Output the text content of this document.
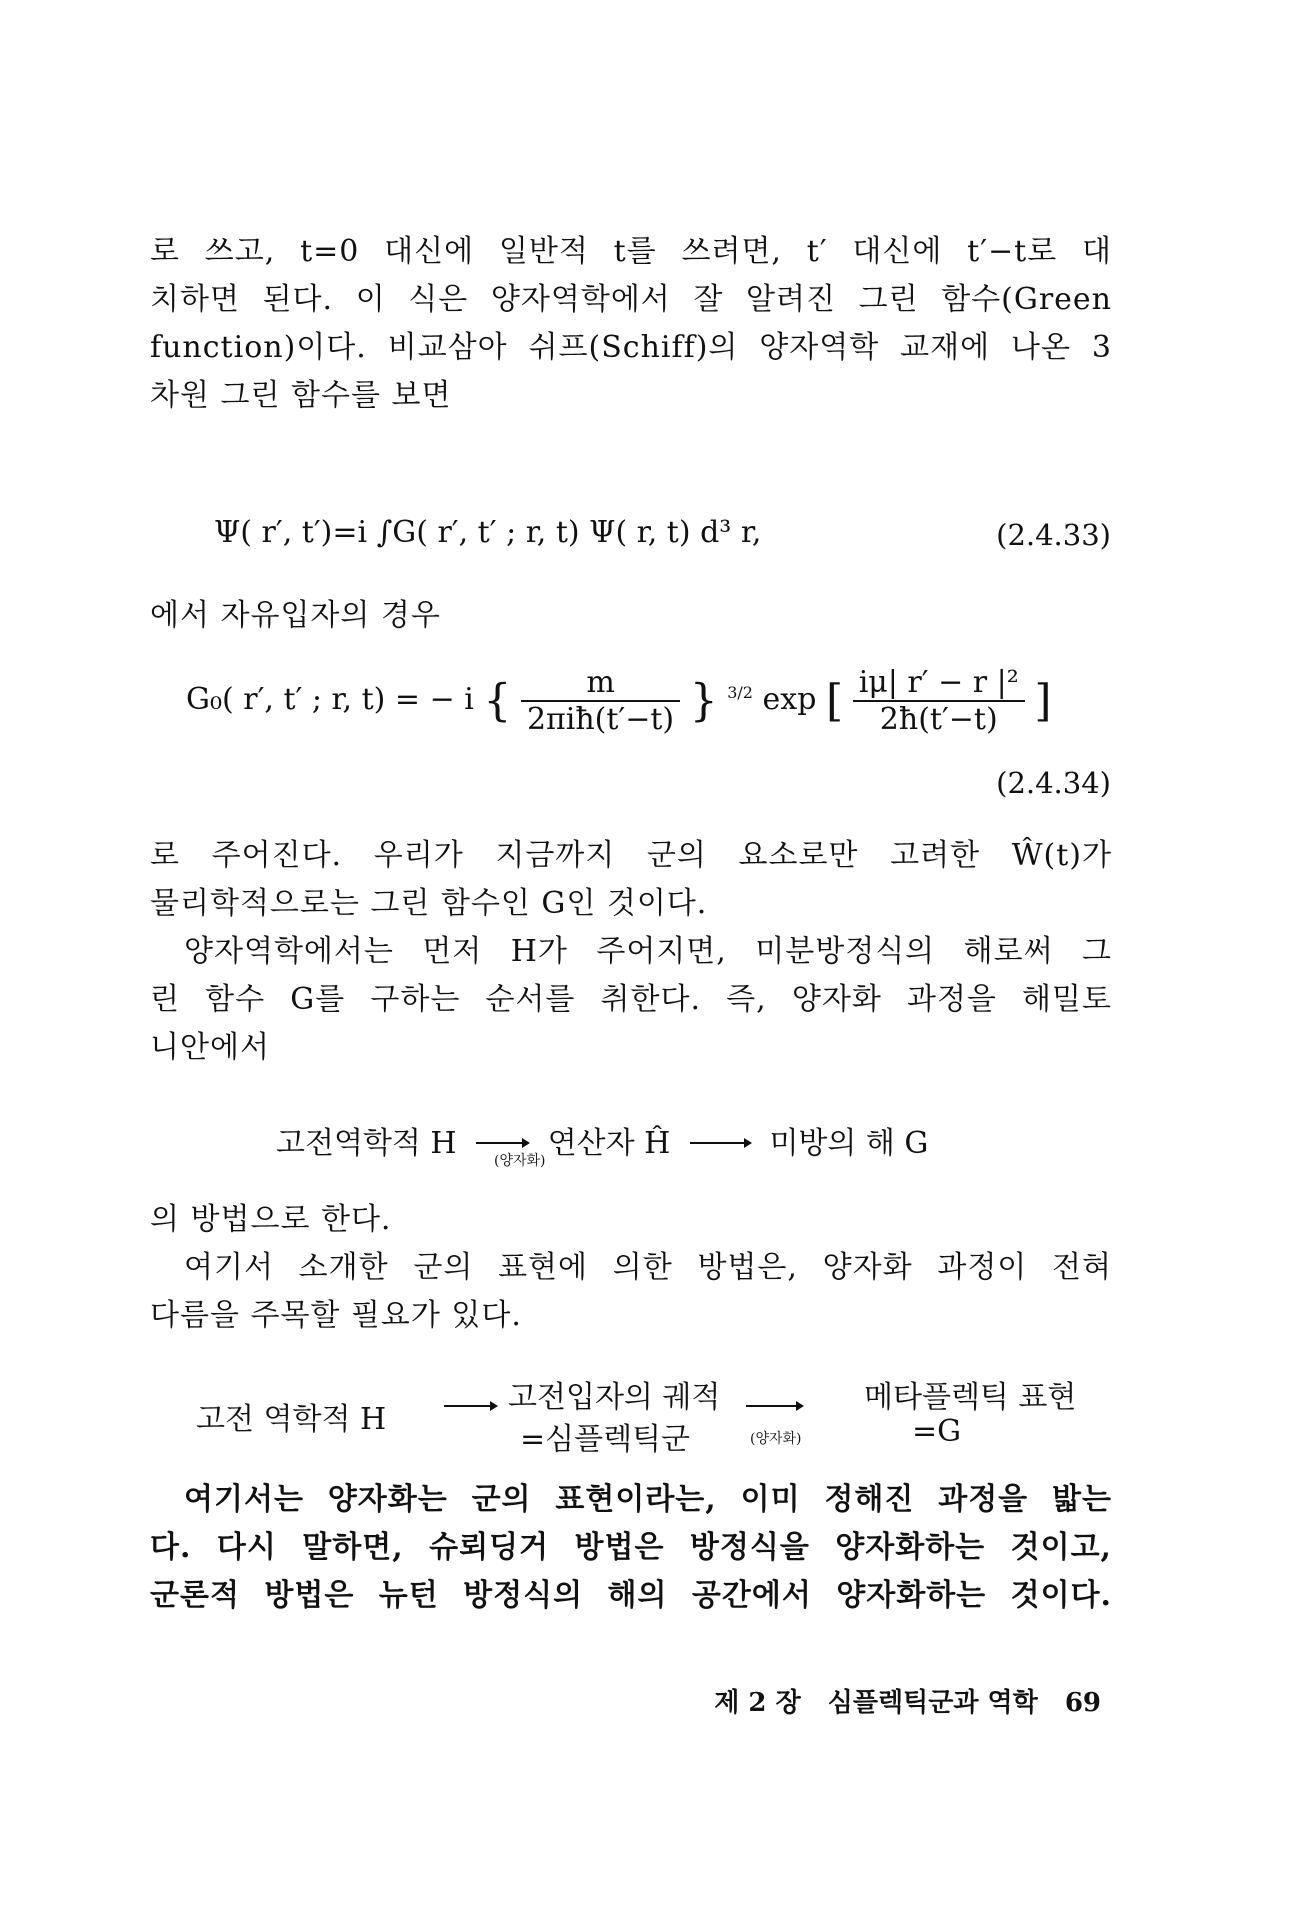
로 쓰고, t=0 대신에 일반적 t를 쓰려면, t′ 대신에 t′−t로 대
치하면 된다. 이 식은 양자역학에서 잘 알려진 그린 함수(Green
function)이다. 비교삼아 쉬프(Schiff)의 양자역학 교재에 나온 3
차원 그린 함수를 보면
Ψ( r′, t′)=i ∫G( r′, t′ ; r, t) Ψ( r, t) d³ r,	(2.4.33)
에서 자유입자의 경우
G₀( r′, t′ ; r, t) = − i { $\frac{m}{\text{2πiħ(t′−t)}}$ } $^{3/2}$ exp [ $\frac{\text{iμ| r′ − r |²}}{2ħ(t'-t)}$ ]
(2.4.34)
로 주어진다. 우리가 지금까지 군의 요소로만 고려한 Ŵ(t)가
물리학적으로는 그린 함수인 G인 것이다.
양자역학에서는 먼저 H가 주어지면, 미분방정식의 해로써 그
린 함수 G를 구하는 순서를 취한다. 즉, 양자화 과정을 해밀토
니안에서
고전역학적 H	연산자 Ĥ	미방의 해 G
(양자화)
의 방법으로 한다.
여기서 소개한 군의 표현에 의한 방법은, 양자화 과정이 전혀
다름을 주목할 필요가 있다.
고전 역학적 H
고전입자의 궤적
=심플렉틱군	(양자화)
메타플렉틱 표현
=G
여기서는 양자화는 군의 표현이라는, 이미 정해진 과정을 밟는
다. 다시 말하면, 슈뢰딩거 방법은 방정식을 양자화하는 것이고,
군론적 방법은 뉴턴 방정식의 해의 공간에서 양자화하는 것이다.
제 2 장 심플렉틱군과 역학 69
